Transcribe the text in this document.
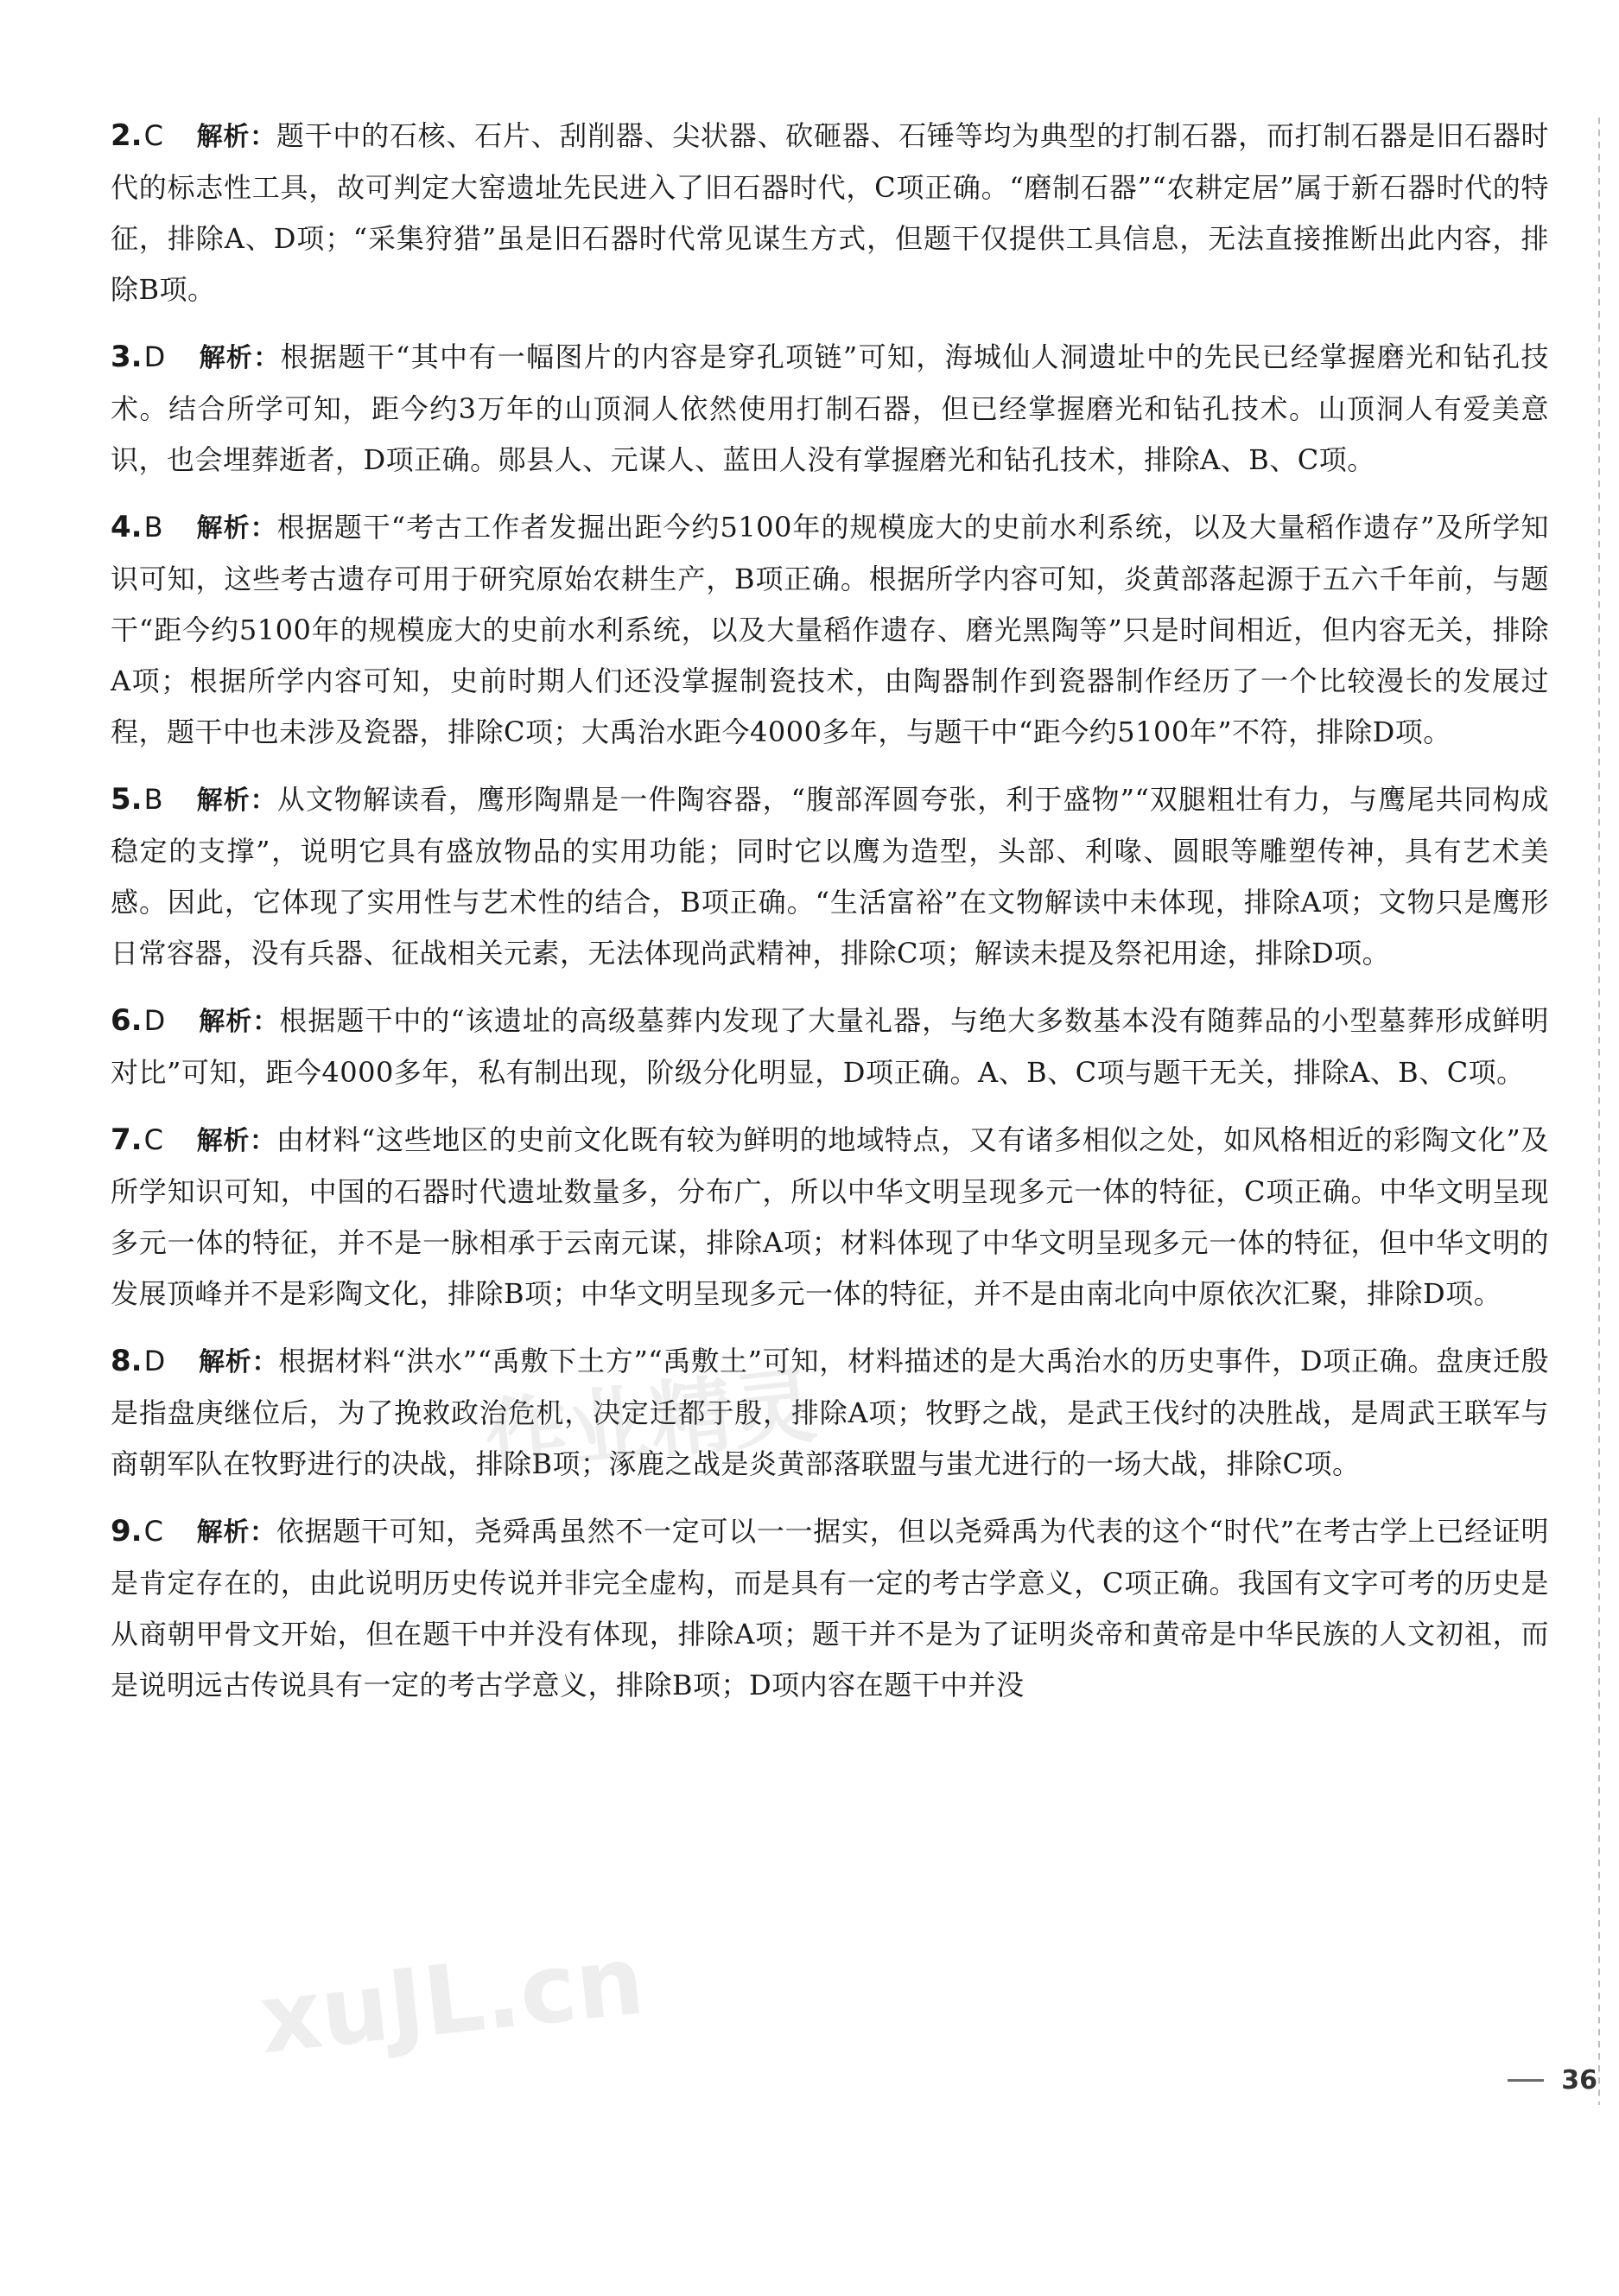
2.C 解析：题干中的石核、石片、刮削器、尖状器、砍砸器、石锤等均为典型的打制石器，而打制石器是旧石器时代的标志性工具，故可判定大窑遗址先民进入了旧石器时代，C项正确。“磨制石器”“农耕定居”属于新石器时代的特征，排除A、D项；“采集狩猎”虽是旧石器时代常见谋生方式，但题干仅提供工具信息，无法直接推断出此内容，排除B项。

3.D 解析：根据题干“其中有一幅图片的内容是穿孔项链”可知，海城仙人洞遗址中的先民已经掌握磨光和钻孔技术。结合所学可知，距今约3万年的山顶洞人依然使用打制石器，但已经掌握磨光和钻孔技术。山顶洞人有爱美意识，也会埋葬逝者，D项正确。郧县人、元谋人、蓝田人没有掌握磨光和钻孔技术，排除A、B、C项。

4.B 解析：根据题干“考古工作者发掘出距今约5100年的规模庞大的史前水利系统，以及大量稻作遗存”及所学知识可知，这些考古遗存可用于研究原始农耕生产，B项正确。根据所学内容可知，炎黄部落起源于五六千年前，与题干“距今约5100年的规模庞大的史前水利系统，以及大量稻作遗存、磨光黑陶等”只是时间相近，但内容无关，排除A项；根据所学内容可知，史前时期人们还没掌握制瓷技术，由陶器制作到瓷器制作经历了一个比较漫长的发展过程，题干中也未涉及瓷器，排除C项；大禹治水距今4000多年，与题干中“距今约5100年”不符，排除D项。

5.B 解析：从文物解读看，鹰形陶鼎是一件陶容器，“腹部浑圆夸张，利于盛物”“双腿粗壮有力，与鹰尾共同构成稳定的支撑”，说明它具有盛放物品的实用功能；同时它以鹰为造型，头部、利喙、圆眼等雕塑传神，具有艺术美感。因此，它体现了实用性与艺术性的结合，B项正确。“生活富裕”在文物解读中未体现，排除A项；文物只是鹰形日常容器，没有兵器、征战相关元素，无法体现尚武精神，排除C项；解读未提及祭祀用途，排除D项。

6.D 解析：根据题干中的“该遗址的高级墓葬内发现了大量礼器，与绝大多数基本没有随葬品的小型墓葬形成鲜明对比”可知，距今4000多年，私有制出现，阶级分化明显，D项正确。A、B、C项与题干无关，排除A、B、C项。

7.C 解析：由材料“这些地区的史前文化既有较为鲜明的地域特点，又有诸多相似之处，如风格相近的彩陶文化”及所学知识可知，中国的石器时代遗址数量多，分布广，所以中华文明呈现多元一体的特征，C项正确。中华文明呈现多元一体的特征，并不是一脉相承于云南元谋，排除A项；材料体现了中华文明呈现多元一体的特征，但中华文明的发展顶峰并不是彩陶文化，排除B项；中华文明呈现多元一体的特征，并不是由南北向中原依次汇聚，排除D项。

8.D 解析：根据材料“洪水”“禹敷下土方”“禹敷土”可知，材料描述的是大禹治水的历史事件，D项正确。盘庚迁殷是指盘庚继位后，为了挽救政治危机，决定迁都于殷，排除A项；牧野之战，是武王伐纣的决胜战，是周武王联军与商朝军队在牧野进行的决战，排除B项；涿鹿之战是炎黄部落联盟与蚩尤进行的一场大战，排除C项。

9.C 解析：依据题干可知，尧舜禹虽然不一定可以一一据实，但以尧舜禹为代表的这个“时代”在考古学上已经证明是肯定存在的，由此说明历史传说并非完全虚构，而是具有一定的考古学意义，C项正确。我国有文字可考的历史是从商朝甲骨文开始，但在题干中并没有体现，排除A项；题干并不是为了证明炎帝和黄帝是中华民族的人文初祖，而是说明远古传说具有一定的考古学意义，排除B项；D项内容在题干中并没

作业精灵
xuJL.cn
36
